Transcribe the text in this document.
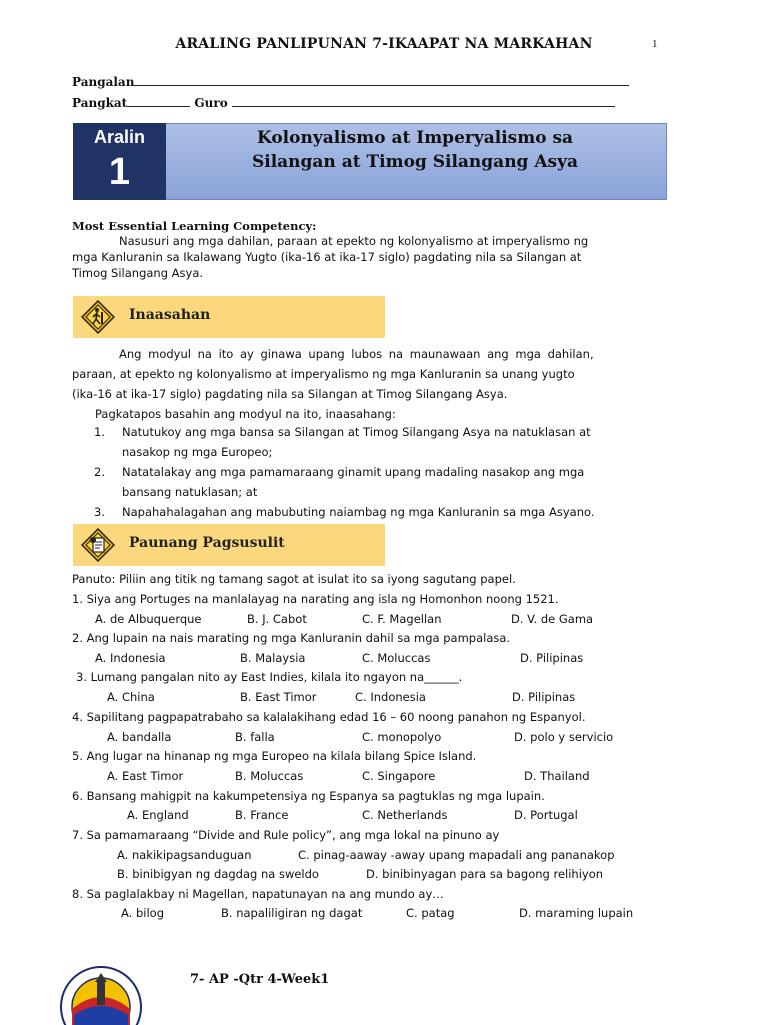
ARALING PANLIPUNAN 7-IKAAPAT NA MARKAHAN	1
Pangalan
Pangkat	Guro
Aralin
1
Kolonyalismo at Imperyalismo sa
Silangan at Timog Silangang Asya
Most Essential Learning Competency:
Nasusuri ang mga dahilan, paraan at epekto ng kolonyalismo at imperyalismo ng
mga Kanluranin sa Ikalawang Yugto (ika-16 at ika-17 siglo) pagdating nila sa Silangan at
Timog Silangang Asya.
Inaasahan
Ang modyul na ito ay ginawa upang lubos na maunawaan ang mga dahilan,
paraan, at epekto ng kolonyalismo at imperyalismo ng mga Kanluranin sa unang yugto
(ika-16 at ika-17 siglo) pagdating nila sa Silangan at Timog Silangang Asya.
Pagkatapos basahin ang modyul na ito, inaasahang:
1.	Natutukoy ang mga bansa sa Silangan at Timog Silangang Asya na natuklasan at
nasakop ng mga Europeo;
2.	Natatalakay ang mga pamamaraang ginamit upang madaling nasakop ang mga
bansang natuklasan; at
3.	Napahahalagahan ang mabubuting naiambag ng mga Kanluranin sa mga Asyano.
Paunang Pagsusulit
Panuto: Piliin ang titik ng tamang sagot at isulat ito sa iyong sagutang papel.
1. Siya ang Portuges na manlalayag na narating ang isla ng Homonhon noong 1521.
A. de Albuquerque	B. J. Cabot	C. F. Magellan	D. V. de Gama
2. Ang lupain na nais marating ng mga Kanluranin dahil sa mga pampalasa.
A. Indonesia	B. Malaysia	C. Moluccas	D. Pilipinas
3. Lumang pangalan nito ay East Indies, kilala ito ngayon na______.
A. China	B. East Timor	C. Indonesia	D. Pilipinas
4. Sapilitang pagpapatrabaho sa kalalakihang edad 16 – 60 noong panahon ng Espanyol.
A. bandalla	B. falla	C. monopolyo	D. polo y servicio
5. Ang lugar na hinanap ng mga Europeo na kilala bilang Spice Island.
A. East Timor	B. Moluccas	C. Singapore	D. Thailand
6. Bansang mahigpit na kakumpetensiya ng Espanya sa pagtuklas ng mga lupain.
A. England	B. France	C. Netherlands	D. Portugal
7. Sa pamamaraang “Divide and Rule policy”, ang mga lokal na pinuno ay
A. nakikipagsanduguan	C. pinag-aaway -away upang mapadali ang pananakop
B. binibigyan ng dagdag na sweldo	D. binibinyagan para sa bagong relihiyon
8. Sa paglalakbay ni Magellan, napatunayan na ang mundo ay…
A. bilog	B. napaliligiran ng dagat	C. patag	D. maraming lupain
7- AP -Qtr 4-Week1
